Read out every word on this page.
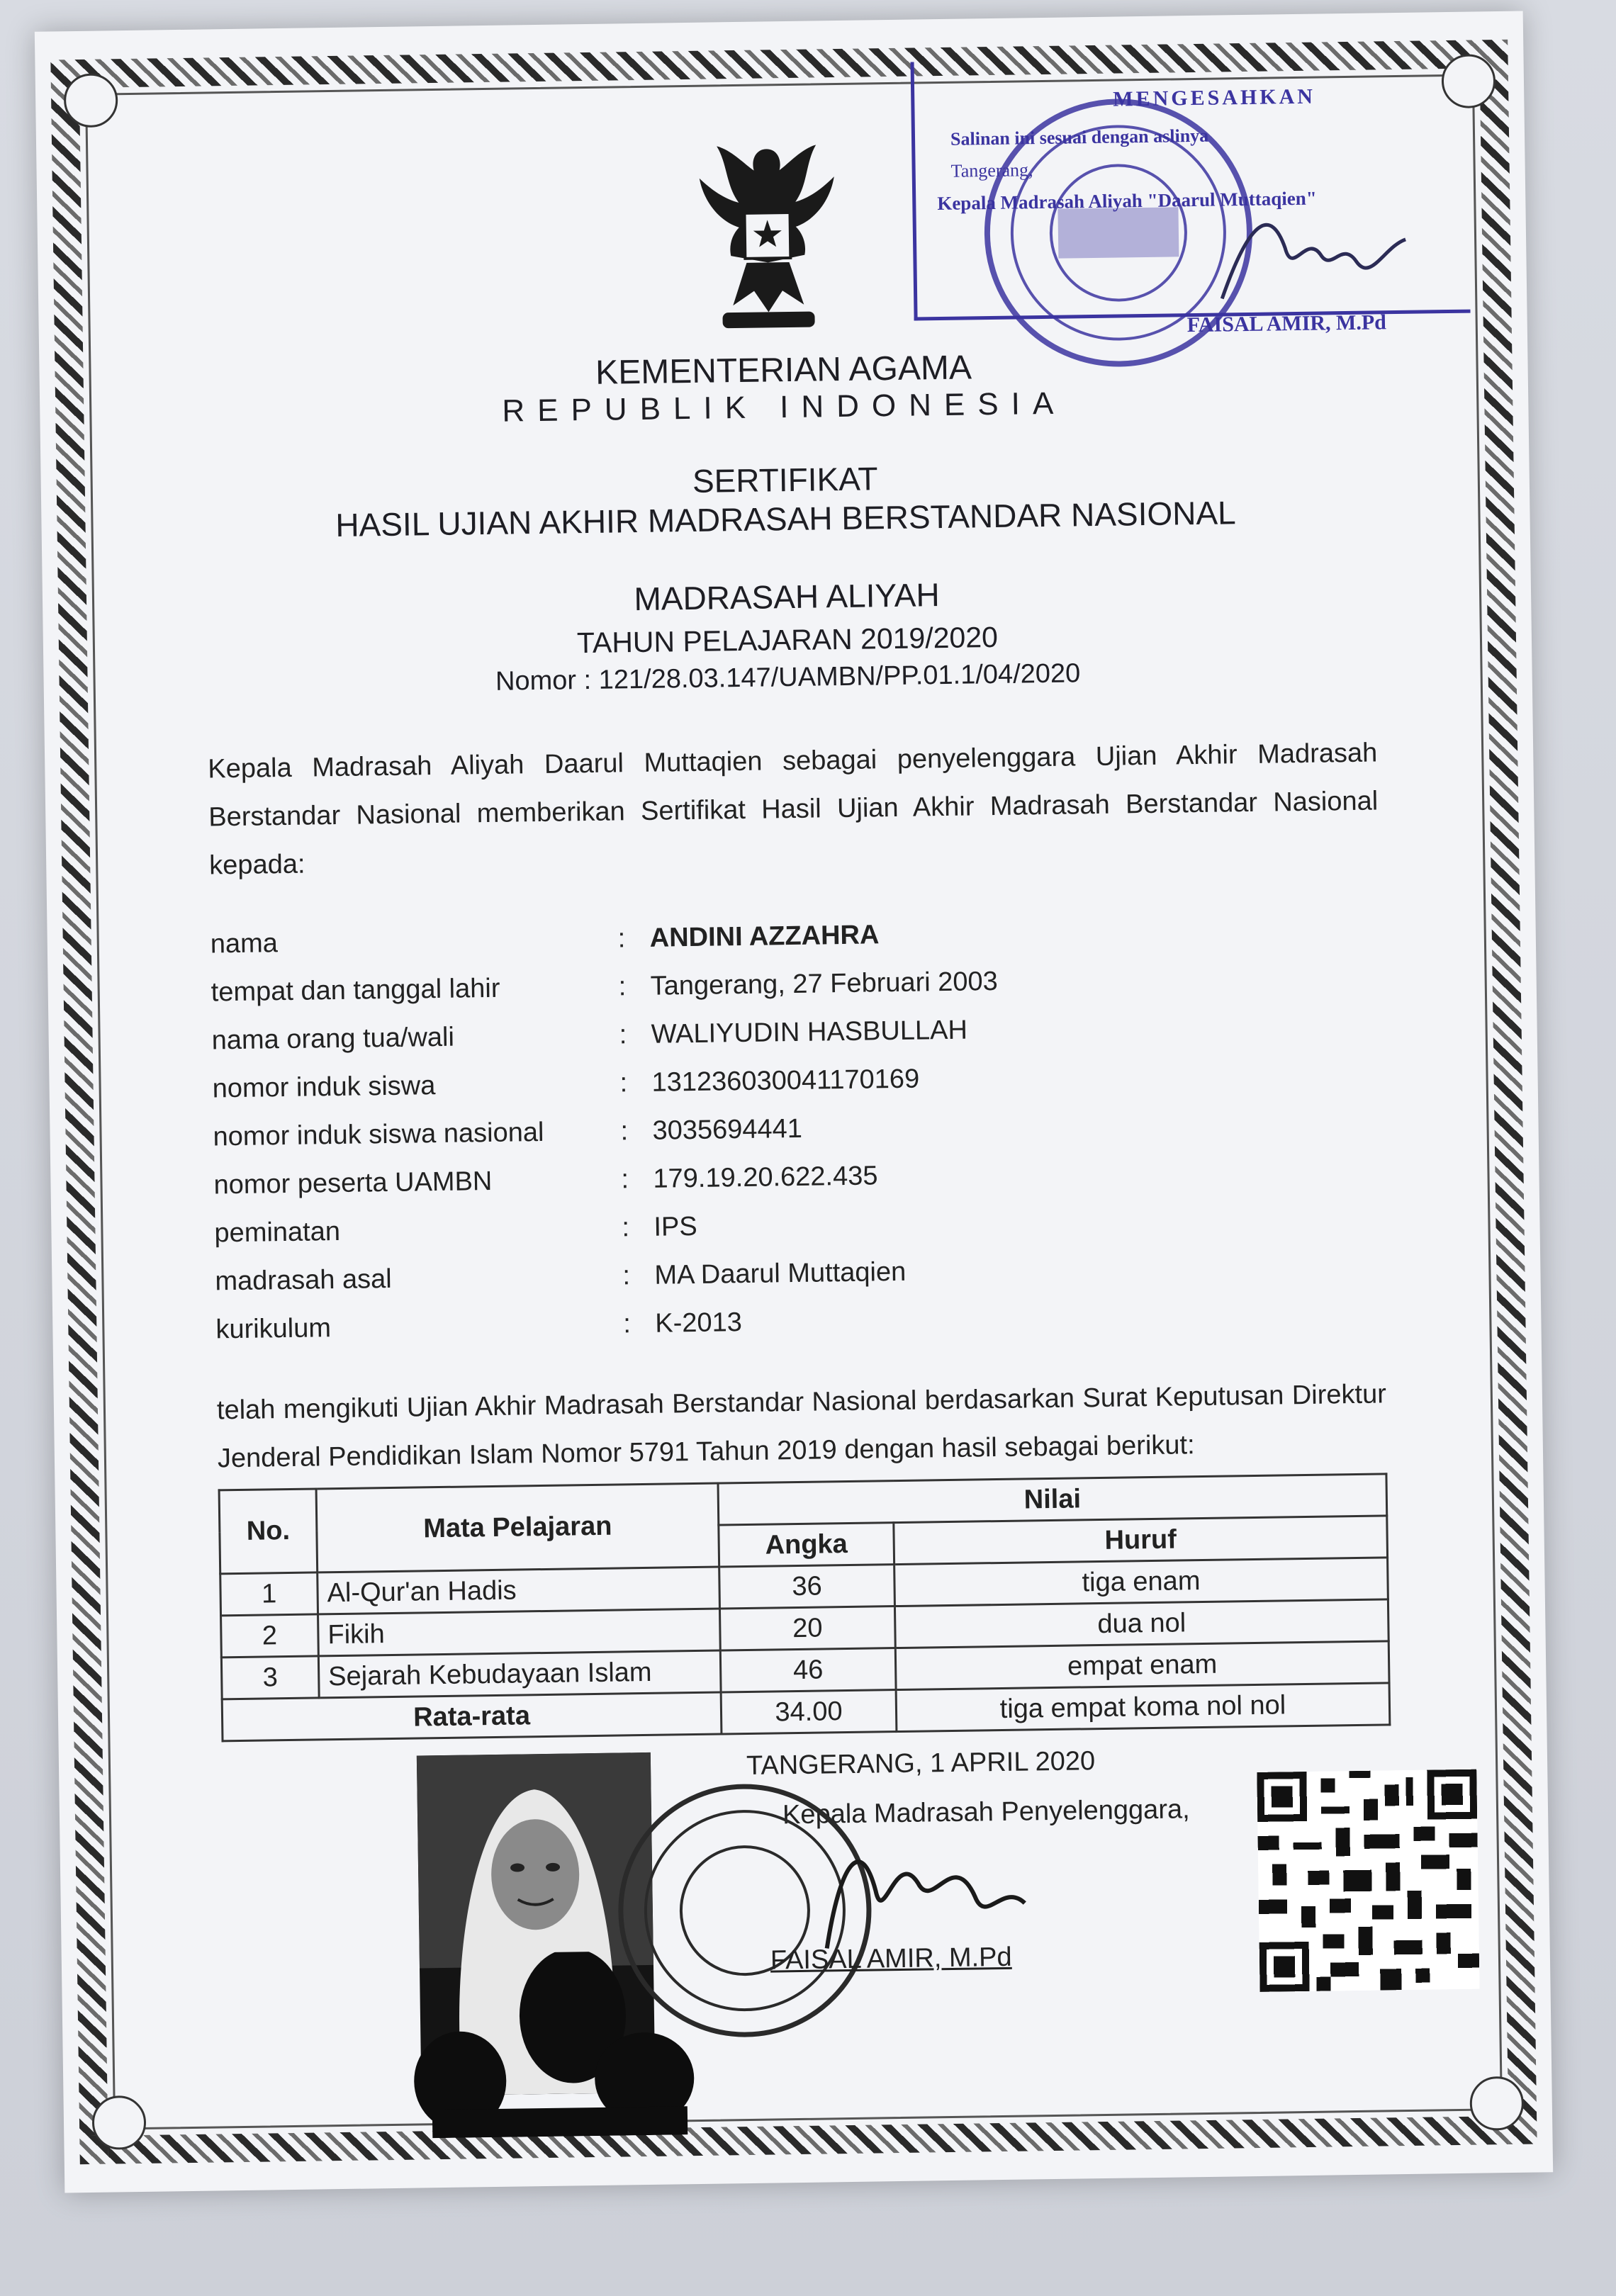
MENGESAHKAN
Salinan ini sesuai dengan aslinya
Tangerang,
Kepala Madrasah Aliyah "Daarul Muttaqien"
FAISAL AMIR, M.Pd
KEMENTERIAN AGAMA
REPUBLIK INDONESIA
SERTIFIKAT
HASIL UJIAN AKHIR MADRASAH BERSTANDAR NASIONAL
MADRASAH ALIYAH
TAHUN PELAJARAN 2019/2020
Nomor : 121/28.03.147/UAMBN/PP.01.1/04/2020
Kepala Madrasah Aliyah Daarul Muttaqien sebagai penyelenggara Ujian Akhir Madrasah Berstandar Nasional memberikan Sertifikat Hasil Ujian Akhir Madrasah Berstandar Nasional kepada:
nama	: ANDINI AZZAHRA
tempat dan tanggal lahir	: Tangerang, 27 Februari 2003
nama orang tua/wali	: WALIYUDIN HASBULLAH
nomor induk siswa	: 131236030041170169
nomor induk siswa nasional	: 3035694441
nomor peserta UAMBN	: 179.19.20.622.435
peminatan	: IPS
madrasah asal	: MA Daarul Muttaqien
kurikulum	: K-2013
telah mengikuti Ujian Akhir Madrasah Berstandar Nasional berdasarkan Surat Keputusan Direktur Jenderal Pendidikan Islam Nomor 5791 Tahun 2019 dengan hasil sebagai berikut:
No.	Mata Pelajaran	Nilai	
		Angka	Huruf
1	Al-Qur'an Hadis	36	tiga enam
2	Fikih	20	dua nol
3	Sejarah Kebudayaan Islam	46	empat enam
Rata-rata		34.00	tiga empat koma nol nol
TANGERANG, 1 APRIL 2020
Kepala Madrasah Penyelenggara,
FAISAL AMIR, M.Pd
